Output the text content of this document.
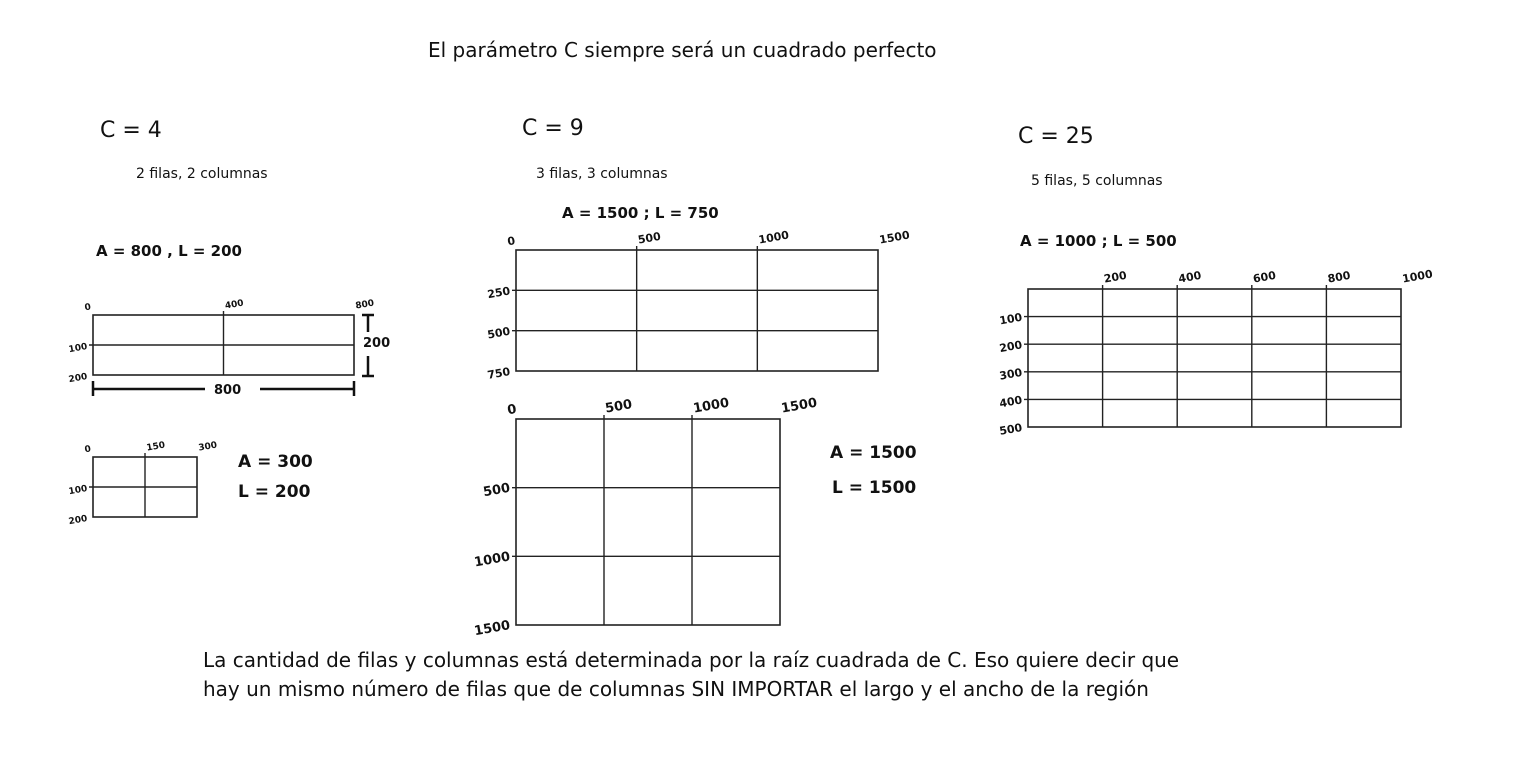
El parámetro C siempre será un cuadrado perfecto
C = 4
2 filas, 2 columnas
A = 800 , L = 200
C = 9
3 filas, 3 columnas
A = 1500 ; L = 750
C = 25
5 filas, 5 columnas
A = 1000 ; L = 500
A = 300
L = 200
A = 1500
L = 1500
800
200
0	400	800
100
200
0	150	300
100
200
0	500	1000	1500
250
500
750
0	500	1000	1500
500
1000
1500
200	400	600	800	1000
100
200
300
400
500
La cantidad de filas y columnas está determinada por la raíz cuadrada de C. Eso quiere decir que
hay un mismo número de filas que de columnas SIN IMPORTAR el largo y el ancho de la región
